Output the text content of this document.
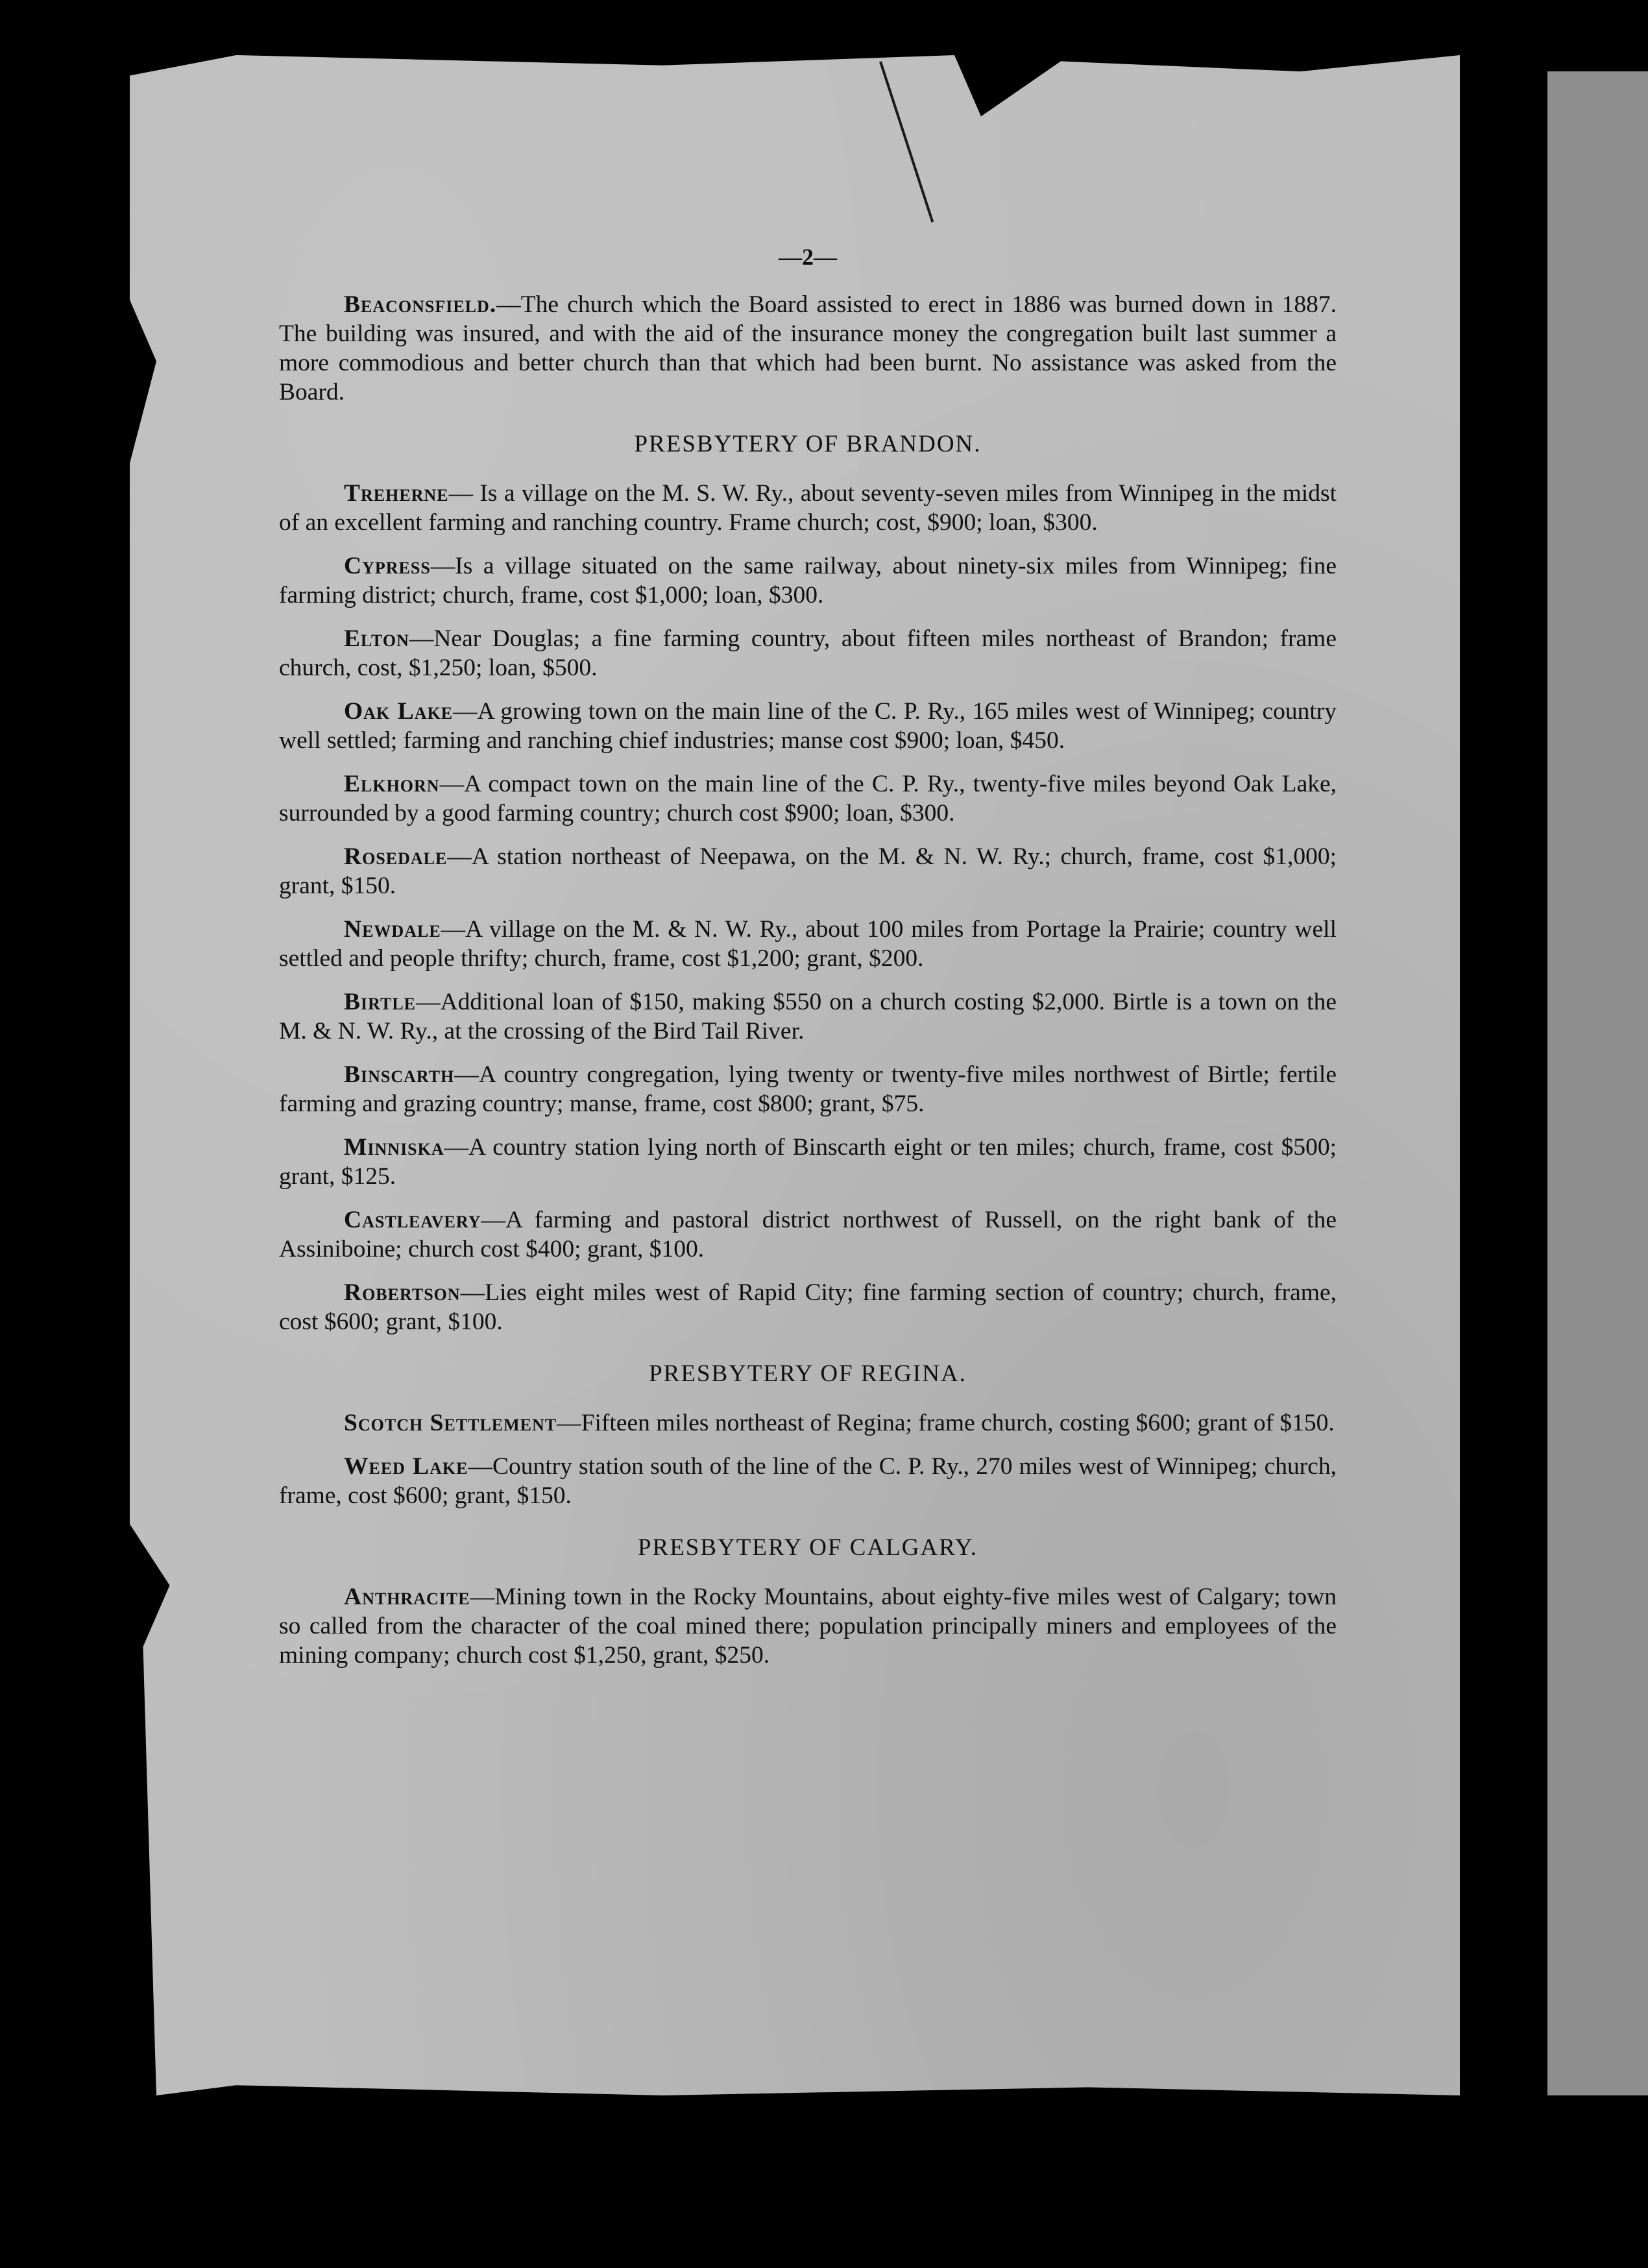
—2—

Beaconsfield.—The church which the Board assisted to erect in 1886 was burned down in 1887. The building was insured, and with the aid of the insurance money the congregation built last summer a more commodious and better church than that which had been burnt. No assistance was asked from the Board.

PRESBYTERY OF BRANDON.

Treherne— Is a village on the M. S. W. Ry., about seventy-seven miles from Winnipeg in the midst of an excellent farming and ranching country. Frame church; cost, $900; loan, $300.

Cypress—Is a village situated on the same railway, about ninety-six miles from Winnipeg; fine farming district; church, frame, cost $1,000; loan, $300.

Elton—Near Douglas; a fine farming country, about fifteen miles northeast of Brandon; frame church, cost, $1,250; loan, $500.

Oak Lake—A growing town on the main line of the C. P. Ry., 165 miles west of Winnipeg; country well settled; farming and ranching chief industries; manse cost $900; loan, $450.

Elkhorn—A compact town on the main line of the C. P. Ry., twenty-five miles beyond Oak Lake, surrounded by a good farming country; church cost $900; loan, $300.

Rosedale—A station northeast of Neepawa, on the M. & N. W. Ry.; church, frame, cost $1,000; grant, $150.

Newdale—A village on the M. & N. W. Ry., about 100 miles from Portage la Prairie; country well settled and people thrifty; church, frame, cost $1,200; grant, $200.

Birtle—Additional loan of $150, making $550 on a church costing $2,000. Birtle is a town on the M. & N. W. Ry., at the crossing of the Bird Tail River.

Binscarth—A country congregation, lying twenty or twenty-five miles northwest of Birtle; fertile farming and grazing country; manse, frame, cost $800; grant, $75.

Minniska—A country station lying north of Binscarth eight or ten miles; church, frame, cost $500; grant, $125.

Castleavery—A farming and pastoral district northwest of Russell, on the right bank of the Assiniboine; church cost $400; grant, $100.

Robertson—Lies eight miles west of Rapid City; fine farming section of country; church, frame, cost $600; grant, $100.

PRESBYTERY OF REGINA.

Scotch Settlement—Fifteen miles northeast of Regina; frame church, costing $600; grant of $150.

Weed Lake—Country station south of the line of the C. P. Ry., 270 miles west of Winnipeg; church, frame, cost $600; grant, $150.

PRESBYTERY OF CALGARY.

Anthracite—Mining town in the Rocky Mountains, about eighty-five miles west of Calgary; town so called from the character of the coal mined there; population principally miners and employees of the mining company; church cost $1,250, grant, $250.
